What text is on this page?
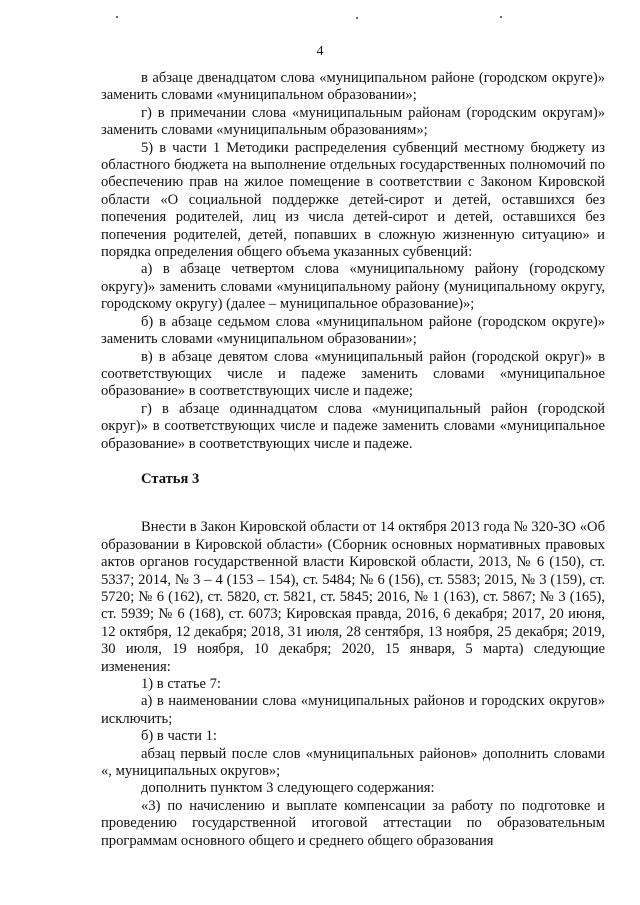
4

в абзаце двенадцатом слова «муниципальном районе (городском округе)» заменить словами «муниципальном образовании»;

г) в примечании слова «муниципальным районам (городским округам)» заменить словами «муниципальным образованиям»;

5) в части 1 Методики распределения субвенций местному бюджету из областного бюджета на выполнение отдельных государственных полномочий по обеспечению прав на жилое помещение в соответствии с Законом Кировской области «О социальной поддержке детей-сирот и детей, оставшихся без попечения родителей, лиц из числа детей-сирот и детей, оставшихся без попечения родителей, детей, попавших в сложную жизненную ситуацию» и порядка определения общего объема указанных субвенций:

а) в абзаце четвертом слова «муниципальному району (городскому округу)» заменить словами «муниципальному району (муниципальному округу, городскому округу) (далее – муниципальное образование)»;

б) в абзаце седьмом слова «муниципальном районе (городском округе)» заменить словами «муниципальном образовании»;

в) в абзаце девятом слова «муниципальный район (городской округ)» в соответствующих числе и падеже заменить словами «муниципальное образование» в соответствующих числе и падеже;

г) в абзаце одиннадцатом слова «муниципальный район (городской округ)» в соответствующих числе и падеже заменить словами «муниципальное образование» в соответствующих числе и падеже.

Статья 3

Внести в Закон Кировской области от 14 октября 2013 года № 320-ЗО «Об образовании в Кировской области» (Сборник основных нормативных правовых актов органов государственной власти Кировской области, 2013, № 6 (150), ст. 5337; 2014, № 3 – 4 (153 – 154), ст. 5484; № 6 (156), ст. 5583; 2015, № 3 (159), ст. 5720; № 6 (162), ст. 5820, ст. 5821, ст. 5845; 2016, № 1 (163), ст. 5867; № 3 (165), ст. 5939; № 6 (168), ст. 6073; Кировская правда, 2016, 6 декабря; 2017, 20 июня, 12 октября, 12 декабря; 2018, 31 июля, 28 сентября, 13 ноября, 25 декабря; 2019, 30 июля, 19 ноября, 10 декабря; 2020, 15 января, 5 марта) следующие изменения:

1) в статье 7:

а) в наименовании слова «муниципальных районов и городских округов» исключить;

б) в части 1:

абзац первый после слов «муниципальных районов» дополнить словами «, муниципальных округов»;

дополнить пунктом 3 следующего содержания:

«3) по начислению и выплате компенсации за работу по подготовке и проведению государственной итоговой аттестации по образовательным программам основного общего и среднего общего образования
